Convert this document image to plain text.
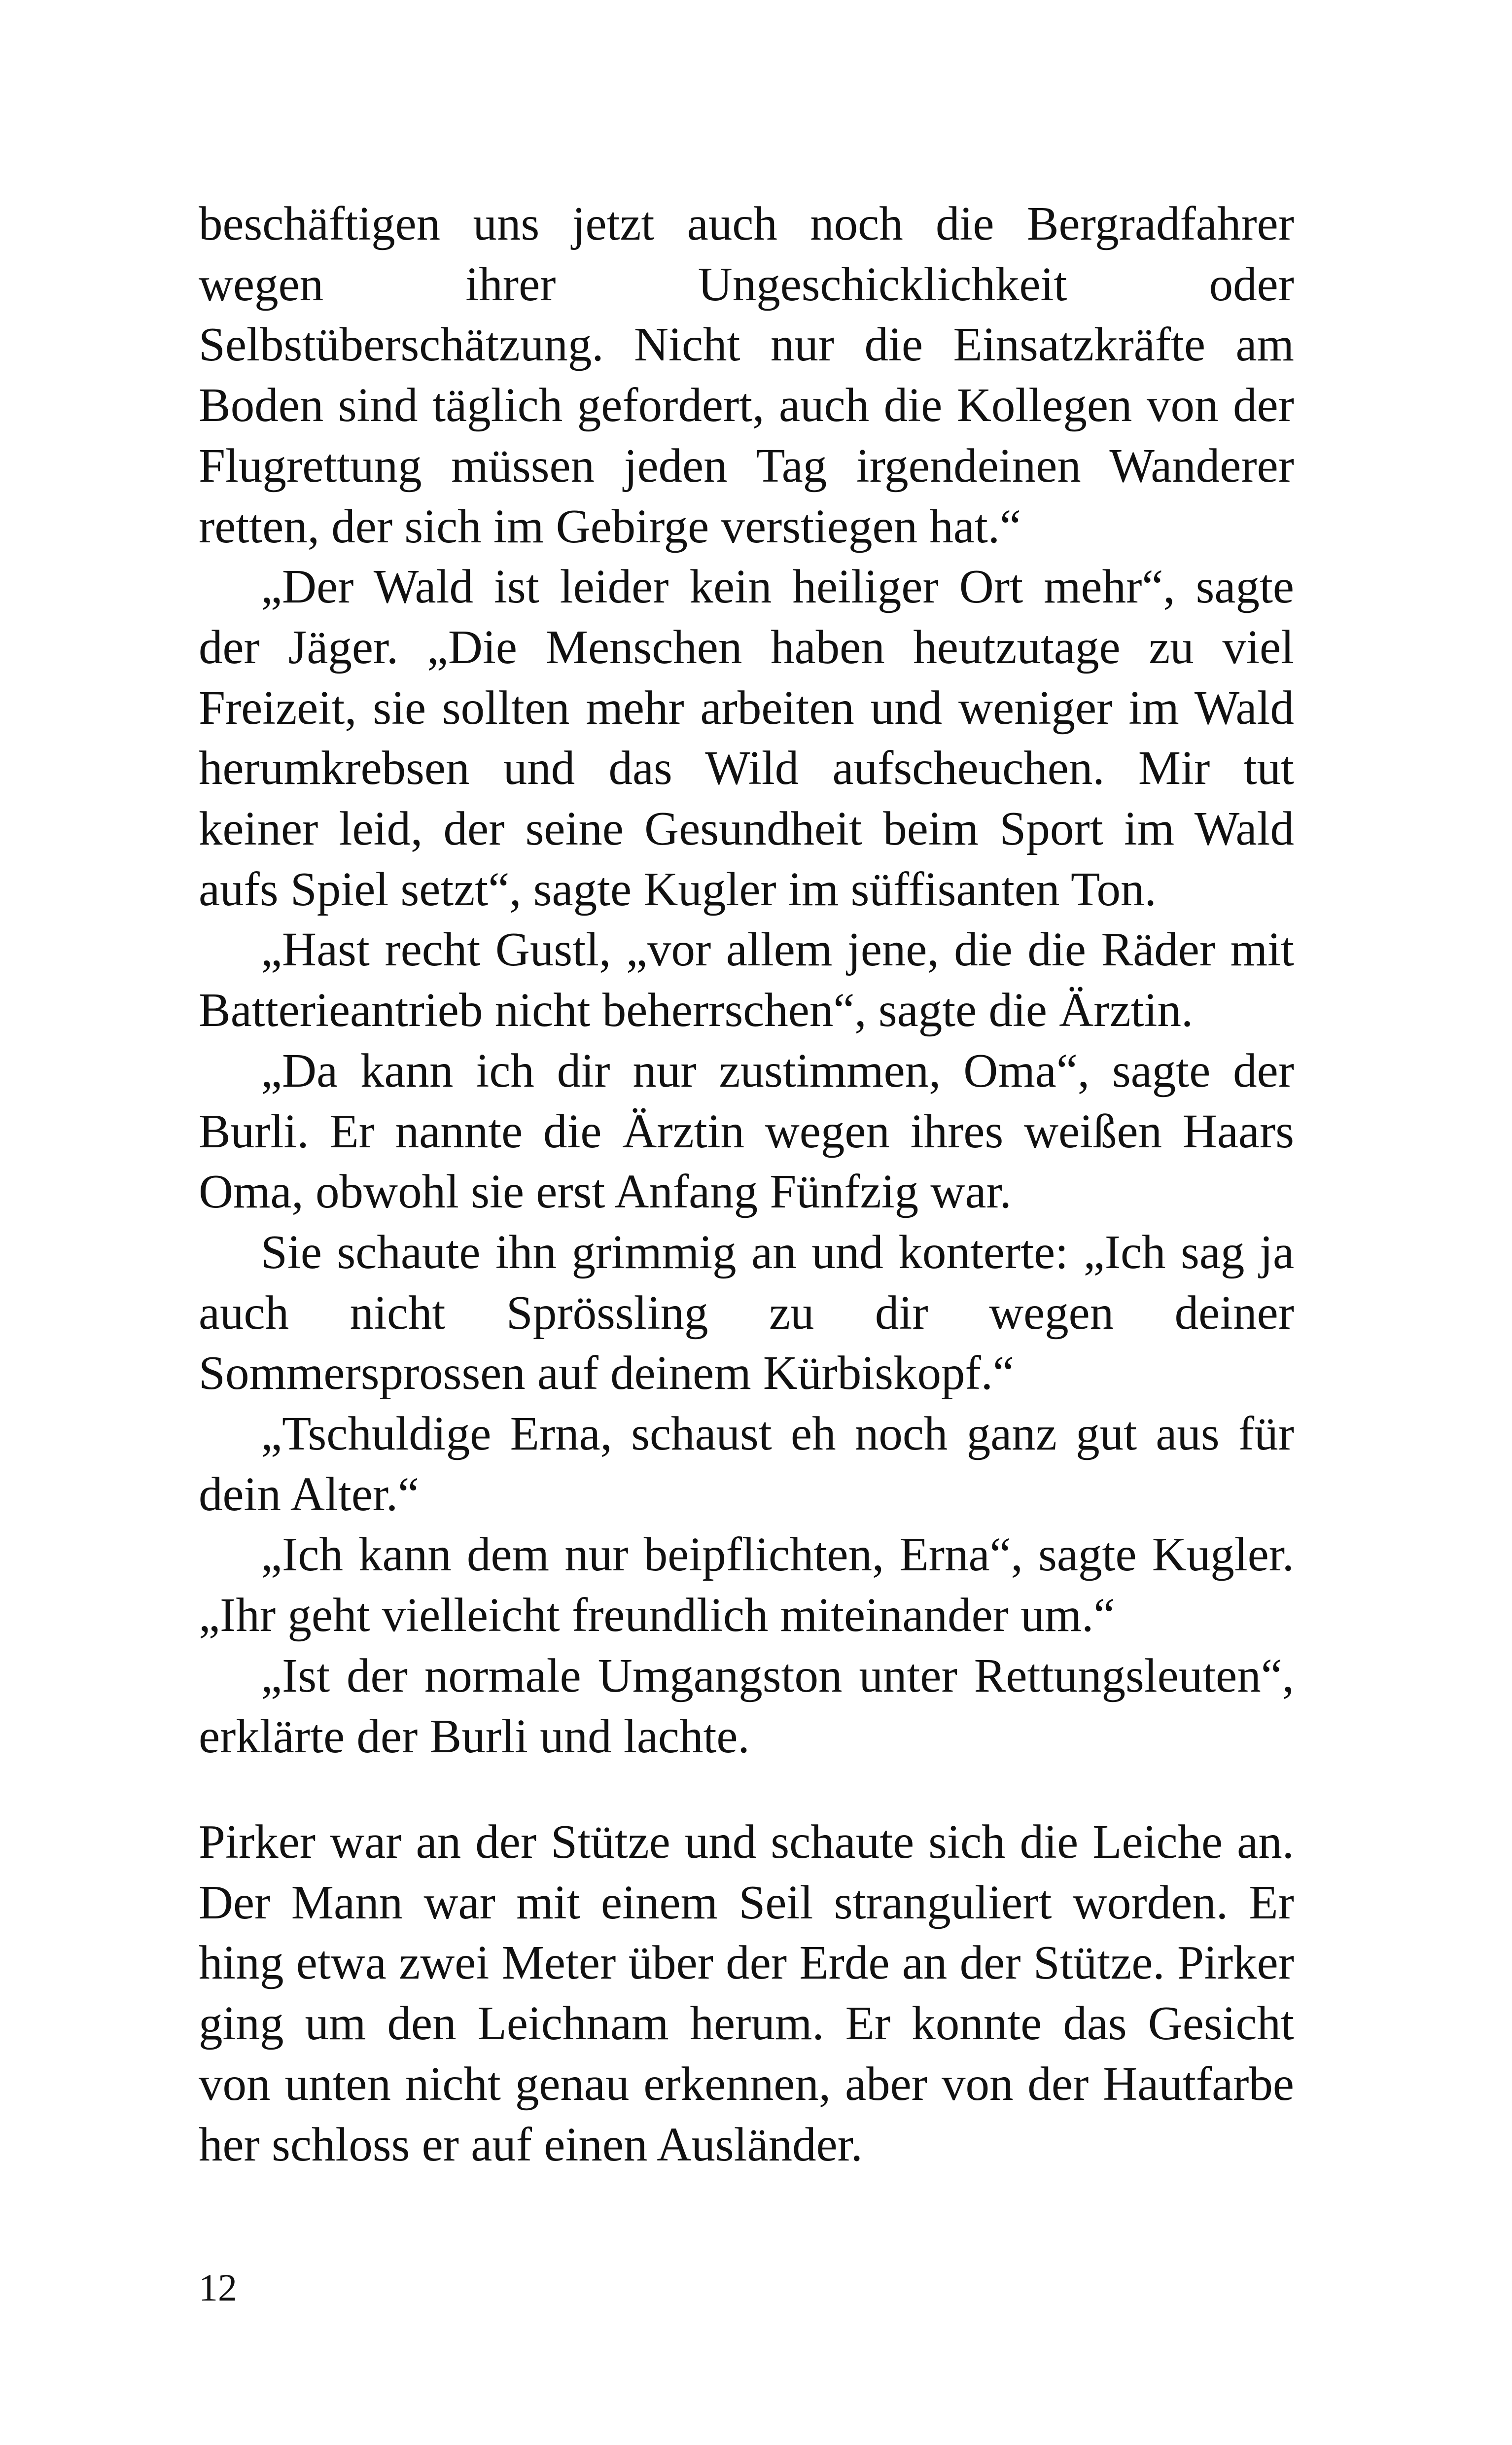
beschäftigen uns jetzt auch noch die Bergradfahrer wegen ihrer Ungeschicklichkeit oder Selbstüberschätzung. Nicht nur die Einsatzkräfte am Boden sind täglich gefordert, auch die Kollegen von der Flugrettung müssen jeden Tag irgendeinen Wanderer retten, der sich im Gebirge verstiegen hat.“

„Der Wald ist leider kein heiliger Ort mehr“, sagte der Jäger. „Die Menschen haben heutzutage zu viel Freizeit, sie sollten mehr arbeiten und weniger im Wald herumkrebsen und das Wild aufscheuchen. Mir tut keiner leid, der seine Gesundheit beim Sport im Wald aufs Spiel setzt“, sagte Kugler im süffisanten Ton.

„Hast recht Gustl, „vor allem jene, die die Räder mit Batterieantrieb nicht beherrschen“, sagte die Ärztin.

„Da kann ich dir nur zustimmen, Oma“, sagte der Burli. Er nannte die Ärztin wegen ihres weißen Haars Oma, obwohl sie erst Anfang Fünfzig war.

Sie schaute ihn grimmig an und konterte: „Ich sag ja auch nicht Sprössling zu dir wegen deiner Sommersprossen auf deinem Kürbiskopf.“

„Tschuldige Erna, schaust eh noch ganz gut aus für dein Alter.“

„Ich kann dem nur beipflichten, Erna“, sagte Kugler. „Ihr geht vielleicht freundlich miteinander um.“

„Ist der normale Umgangston unter Rettungsleuten“, erklärte der Burli und lachte.

Pirker war an der Stütze und schaute sich die Leiche an. Der Mann war mit einem Seil stranguliert worden. Er hing etwa zwei Meter über der Erde an der Stütze. Pirker ging um den Leichnam herum. Er konnte das Gesicht von unten nicht genau erkennen, aber von der Hautfarbe her schloss er auf einen Ausländer.

12
